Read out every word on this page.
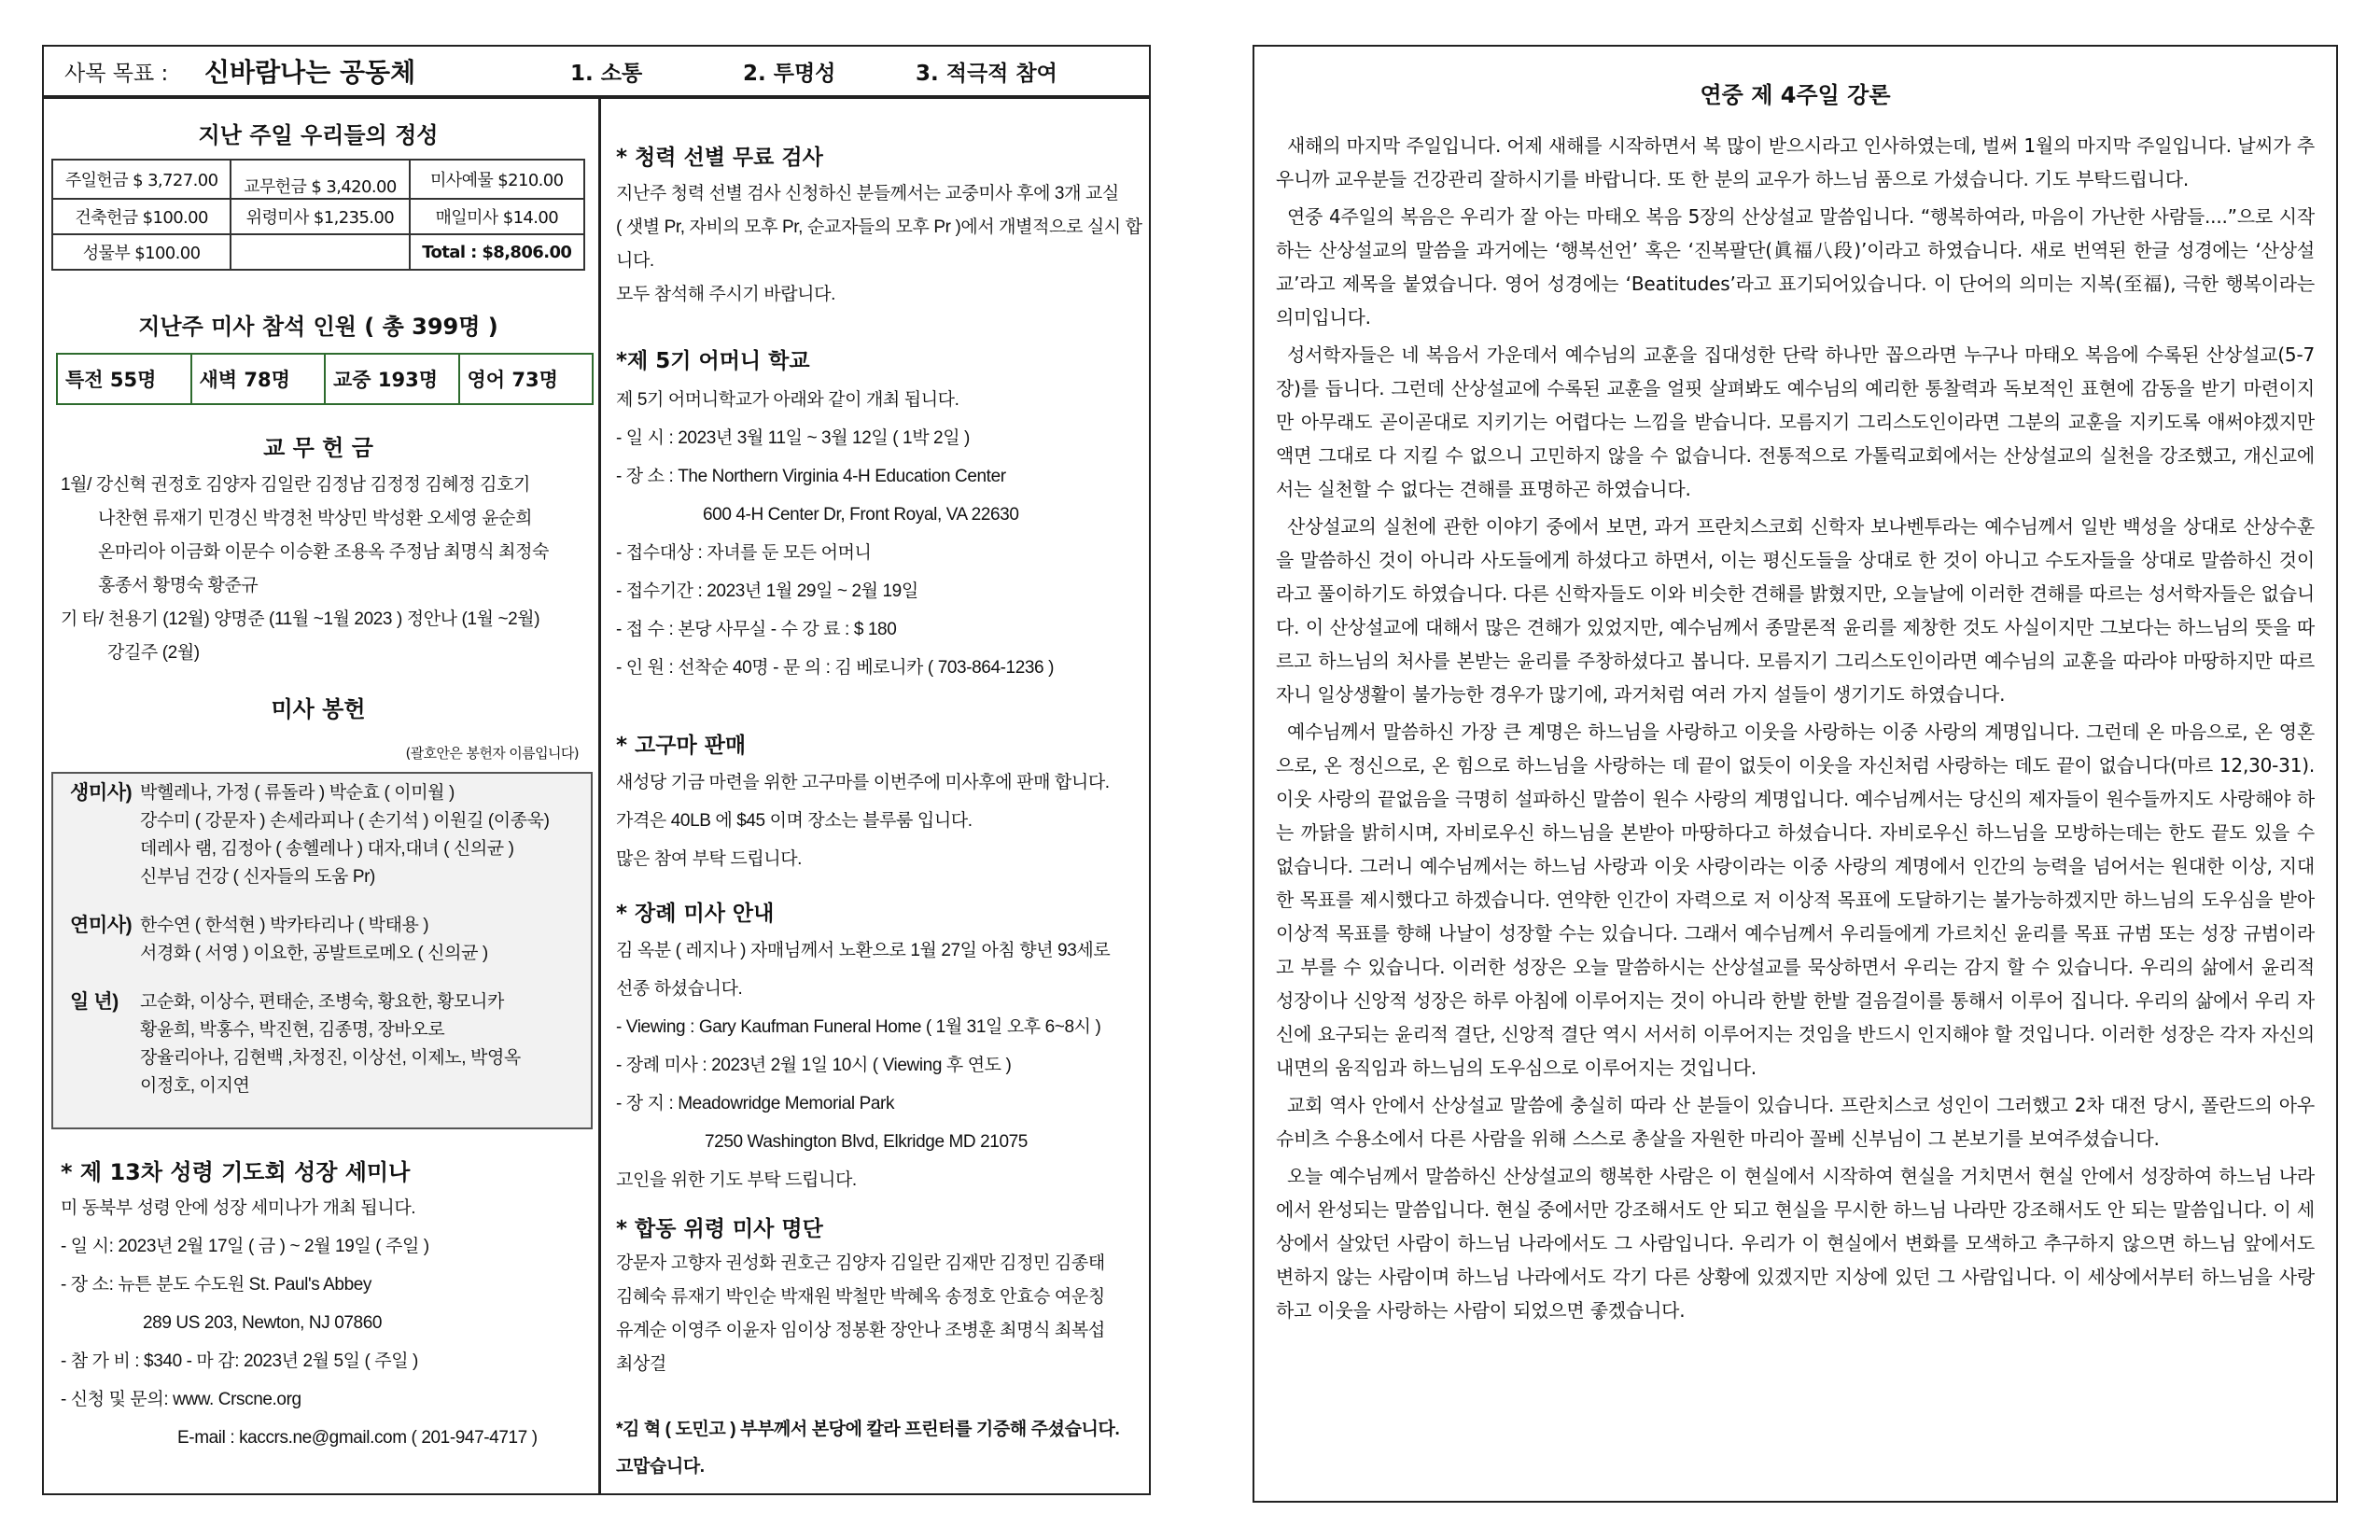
사목 목표 :	신바람나는 공동체	1. 소통	2. 투명성	3. 적극적 참여
지난 주일 우리들의 정성
주일헌금 $ 3,727.00	교무헌금 $ 3,420.00	미사예물 $210.00
건축헌금 $100.00	위령미사 $1,235.00	매일미사 $14.00
성물부 $100.00		Total : $8,806.00
지난주 미사 참석 인원 ( 총 399명 )
특전 55명	새벽 78명	교중 193명	영어 73명
교 무 헌 금
1월/ 강신혁 권정호 김양자 김일란 김정남 김정정 김혜정 김호기
나찬현 류재기 민경신 박경천 박상민 박성환 오세영 윤순희
온마리아 이금화 이문수 이승환 조용옥 주정남 최명식 최정숙
홍종서 황명숙 황준규
기 타/ 천용기 (12월) 양명준 (11월 ~1월 2023 ) 정안나 (1월 ~2월)
강길주 (2월)
미사 봉헌
(괄호안은 봉헌자 이름입니다)
생미사) 박헬레나, 가정 ( 류돌라 ) 박순효 ( 이미월 )
강수미 ( 강문자 ) 손세라피나 ( 손기석 ) 이원길 (이종욱)
데레사 램, 김정아 ( 송헬레나 ) 대자,대녀 ( 신의균 )
신부님 건강 ( 신자들의 도움 Pr)
연미사) 한수연 ( 한석현 ) 박카타리나 ( 박태용 )
서경화 ( 서영 ) 이요한, 공발트로메오 ( 신의균 )
일 년)	고순화, 이상수, 편태순, 조병숙, 황요한, 황모니카
황윤희, 박홍수, 박진현, 김종명, 장바오로
장율리아나, 김현백 ,차정진, 이상선, 이제노, 박영옥
이정호, 이지연
* 제 13차 성령 기도회 성장 세미나
미 동북부 성령 안에 성장 세미나가 개최 됩니다.
- 일 시: 2023년 2월 17일 ( 금 ) ~ 2월 19일 ( 주일 )
- 장 소: 뉴튼 분도 수도원 St. Paul's Abbey
289 US 203, Newton, NJ 07860
- 참 가 비 : $340 - 마 감: 2023년 2월 5일 ( 주일 )
- 신청 및 문의: www. Crscne.org
E-mail : kaccrs.ne@gmail.com ( 201-947-4717 )
* 청력 선별 무료 검사
지난주 청력 선별 검사 신청하신 분들께서는 교중미사 후에 3개 교실
( 샛별 Pr, 자비의 모후 Pr, 순교자들의 모후 Pr )에서 개별적으로 실시 합
니다.
모두 참석해 주시기 바랍니다.
*제 5기 어머니 학교
제 5기 어머니학교가 아래와 같이 개최 됩니다.
- 일 시 : 2023년 3월 11일 ~ 3월 12일 ( 1박 2일 )
- 장 소 : The Northern Virginia 4-H Education Center
600 4-H Center Dr, Front Royal, VA 22630
- 접수대상 : 자녀를 둔 모든 어머니
- 접수기간 : 2023년 1월 29일 ~ 2월 19일
- 접 수 : 본당 사무실 - 수 강 료 : $ 180
- 인 원 : 선착순 40명 - 문 의 : 김 베로니카 ( 703-864-1236 )
* 고구마 판매
새성당 기금 마련을 위한 고구마를 이번주에 미사후에 판매 합니다.
가격은 40LB 에 $45 이며 장소는 블루룸 입니다.
많은 참여 부탁 드립니다.
* 장례 미사 안내
김 옥분 ( 레지나 ) 자매님께서 노환으로 1월 27일 아침 향년 93세로
선종 하셨습니다.
- Viewing : Gary Kaufman Funeral Home ( 1월 31일 오후 6~8시 )
- 장례 미사 : 2023년 2월 1일 10시 ( Viewing 후 연도 )
- 장 지 : Meadowridge Memorial Park
7250 Washington Blvd, Elkridge MD 21075
고인을 위한 기도 부탁 드립니다.
* 합동 위령 미사 명단
강문자 고향자 권성화 권호근 김양자 김일란 김재만 김정민 김종태
김혜숙 류재기 박인순 박재원 박철만 박혜옥 송정호 안효승 여운칭
유계순 이영주 이윤자 임이상 정봉환 장안나 조병훈 최명식 최복섭
최상걸
*김 혁 ( 도민고 ) 부부께서 본당에 칼라 프린터를 기증해 주셨습니다.
고맙습니다.
연중 제 4주일 강론

새해의 마지막 주일입니다. 어제 새해를 시작하면서 복 많이 받으시라고 인사하였는데, 벌써 1월의 마지막 주일입니다. 날씨가 추우니까 교우분들 건강관리 잘하시기를 바랍니다. 또 한 분의 교우가 하느님 품으로 가셨습니다. 기도 부탁드립니다.

연중 4주일의 복음은 우리가 잘 아는 마태오 복음 5장의 산상설교 말씀입니다. “행복하여라, 마음이 가난한 사람들....”으로 시작하는 산상설교의 말씀을 과거에는 ‘행복선언’ 혹은 ‘진복팔단(眞福八段)’이라고 하였습니다. 새로 번역된 한글 성경에는 ‘산상설교’라고 제목을 붙였습니다. 영어 성경에는 ‘Beatitudes’라고 표기되어있습니다. 이 단어의 의미는 지복(至福), 극한 행복이라는 의미입니다.

성서학자들은 네 복음서 가운데서 예수님의 교훈을 집대성한 단락 하나만 꼽으라면 누구나 마태오 복음에 수록된 산상설교(5-7장)를 듭니다. 그런데 산상설교에 수록된 교훈을 얼핏 살펴봐도 예수님의 예리한 통찰력과 독보적인 표현에 감동을 받기 마련이지만 아무래도 곧이곧대로 지키기는 어렵다는 느낌을 받습니다. 모름지기 그리스도인이라면 그분의 교훈을 지키도록 애써야겠지만 액면 그대로 다 지킬 수 없으니 고민하지 않을 수 없습니다. 전통적으로 가톨릭교회에서는 산상설교의 실천을 강조했고, 개신교에서는 실천할 수 없다는 견해를 표명하곤 하였습니다.

산상설교의 실천에 관한 이야기 중에서 보면, 과거 프란치스코회 신학자 보나벤투라는 예수님께서 일반 백성을 상대로 산상수훈을 말씀하신 것이 아니라 사도들에게 하셨다고 하면서, 이는 평신도들을 상대로 한 것이 아니고 수도자들을 상대로 말씀하신 것이라고 풀이하기도 하였습니다. 다른 신학자들도 이와 비슷한 견해를 밝혔지만, 오늘날에 이러한 견해를 따르는 성서학자들은 없습니다. 이 산상설교에 대해서 많은 견해가 있었지만, 예수님께서 종말론적 윤리를 제창한 것도 사실이지만 그보다는 하느님의 뜻을 따르고 하느님의 처사를 본받는 윤리를 주창하셨다고 봅니다. 모름지기 그리스도인이라면 예수님의 교훈을 따라야 마땅하지만 따르자니 일상생활이 불가능한 경우가 많기에, 과거처럼 여러 가지 설들이 생기기도 하였습니다.

예수님께서 말씀하신 가장 큰 계명은 하느님을 사랑하고 이웃을 사랑하는 이중 사랑의 계명입니다. 그런데 온 마음으로, 온 영혼으로, 온 정신으로, 온 힘으로 하느님을 사랑하는 데 끝이 없듯이 이웃을 자신처럼 사랑하는 데도 끝이 없습니다(마르 12,30-31). 이웃 사랑의 끝없음을 극명히 설파하신 말씀이 원수 사랑의 계명입니다. 예수님께서는 당신의 제자들이 원수들까지도 사랑해야 하는 까닭을 밝히시며, 자비로우신 하느님을 본받아 마땅하다고 하셨습니다. 자비로우신 하느님을 모방하는데는 한도 끝도 있을 수 없습니다. 그러니 예수님께서는 하느님 사랑과 이웃 사랑이라는 이중 사랑의 계명에서 인간의 능력을 넘어서는 원대한 이상, 지대한 목표를 제시했다고 하겠습니다. 연약한 인간이 자력으로 저 이상적 목표에 도달하기는 불가능하겠지만 하느님의 도우심을 받아 이상적 목표를 향해 나날이 성장할 수는 있습니다. 그래서 예수님께서 우리들에게 가르치신 윤리를 목표 규범 또는 성장 규범이라고 부를 수 있습니다. 이러한 성장은 오늘 말씀하시는 산상설교를 묵상하면서 우리는 감지 할 수 있습니다. 우리의 삶에서 윤리적 성장이나 신앙적 성장은 하루 아침에 이루어지는 것이 아니라 한발 한발 걸음걸이를 통해서 이루어 집니다. 우리의 삶에서 우리 자신에 요구되는 윤리적 결단, 신앙적 결단 역시 서서히 이루어지는 것임을 반드시 인지해야 할 것입니다. 이러한 성장은 각자 자신의 내면의 움직임과 하느님의 도우심으로 이루어지는 것입니다.

교회 역사 안에서 산상설교 말씀에 충실히 따라 산 분들이 있습니다. 프란치스코 성인이 그러했고 2차 대전 당시, 폴란드의 아우슈비츠 수용소에서 다른 사람을 위해 스스로 총살을 자원한 마리아 꼴베 신부님이 그 본보기를 보여주셨습니다.

오늘 예수님께서 말씀하신 산상설교의 행복한 사람은 이 현실에서 시작하여 현실을 거치면서 현실 안에서 성장하여 하느님 나라에서 완성되는 말씀입니다. 현실 중에서만 강조해서도 안 되고 현실을 무시한 하느님 나라만 강조해서도 안 되는 말씀입니다. 이 세상에서 살았던 사람이 하느님 나라에서도 그 사람입니다. 우리가 이 현실에서 변화를 모색하고 추구하지 않으면 하느님 앞에서도 변하지 않는 사람이며 하느님 나라에서도 각기 다른 상황에 있겠지만 지상에 있던 그 사람입니다. 이 세상에서부터 하느님을 사랑하고 이웃을 사랑하는 사람이 되었으면 좋겠습니다.
